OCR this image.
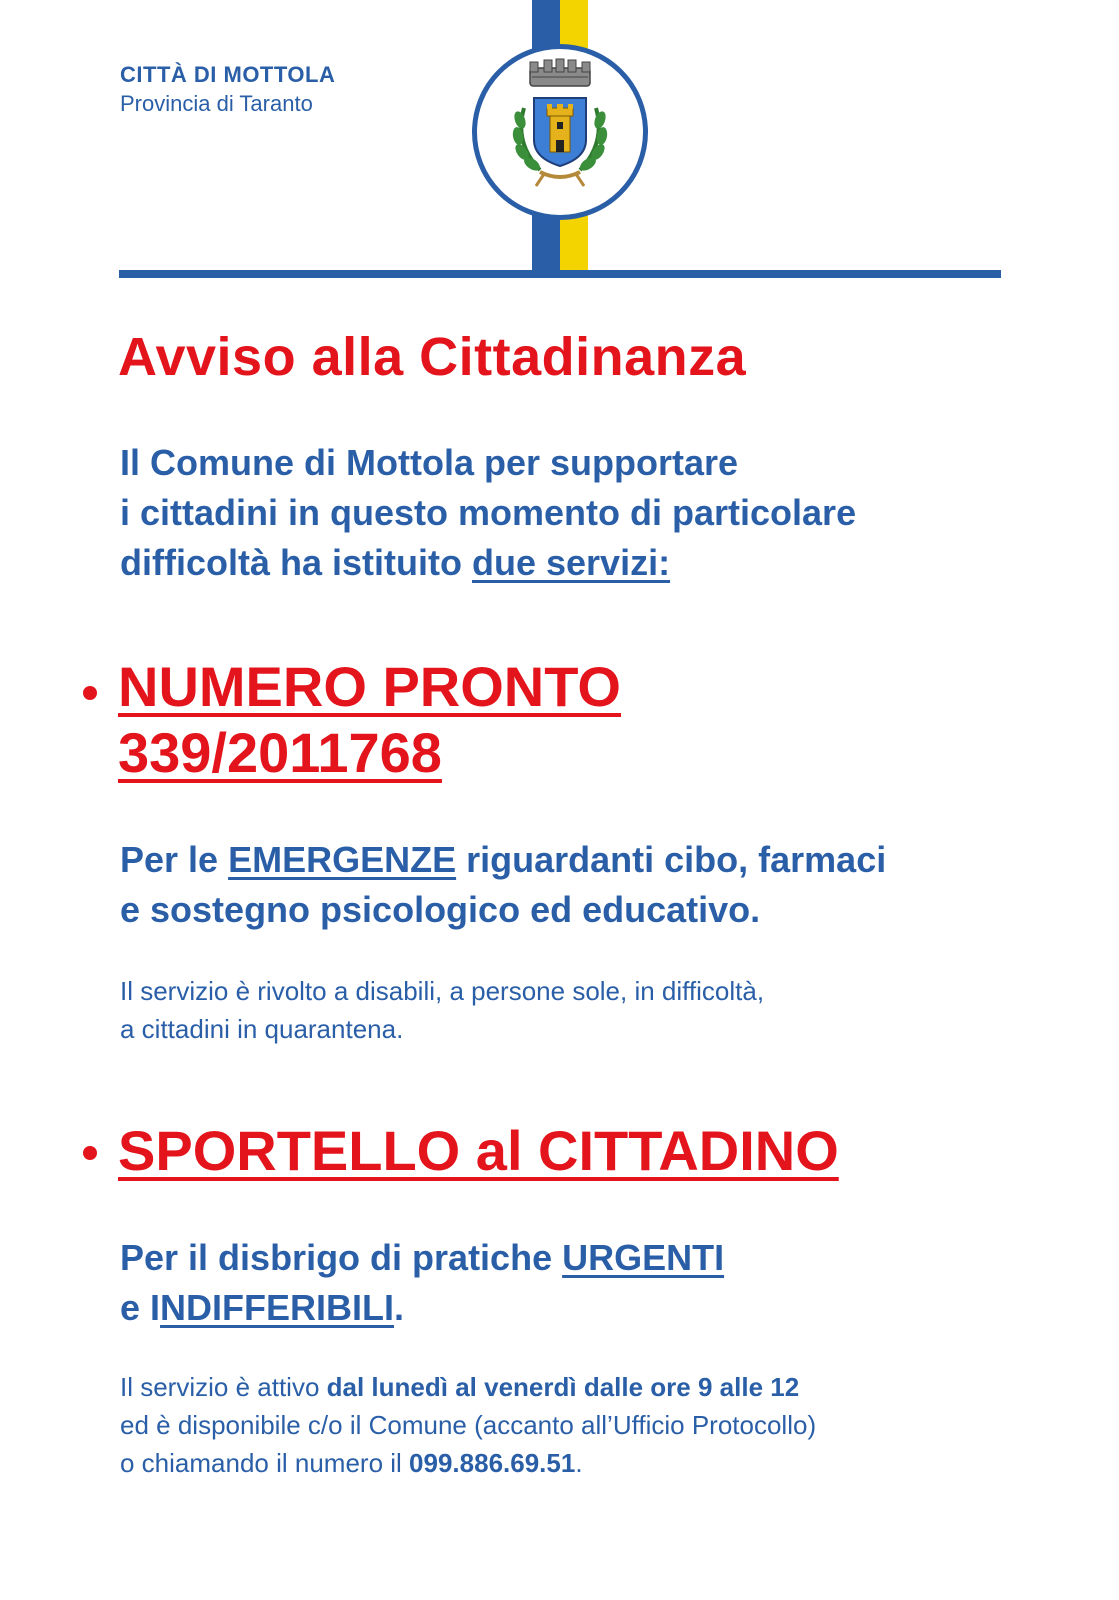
CITTÀ DI MOTTOLA
Provincia di Taranto
Avviso alla Cittadinanza
Il Comune di Mottola per supportare
i cittadini in questo momento di particolare
difficoltà ha istituito due servizi:
NUMERO PRONTO
339/2011768
Per le EMERGENZE riguardanti cibo, farmaci
e sostegno psicologico ed educativo.
Il servizio è rivolto a disabili, a persone sole, in difficoltà,
a cittadini in quarantena.
SPORTELLO al CITTADINO
Per il disbrigo di pratiche URGENTI
e INDIFFERIBILI.
Il servizio è attivo dal lunedì al venerdì dalle ore 9 alle 12
ed è disponibile c/o il Comune (accanto all’Ufficio Protocollo)
o chiamando il numero il 099.886.69.51.
